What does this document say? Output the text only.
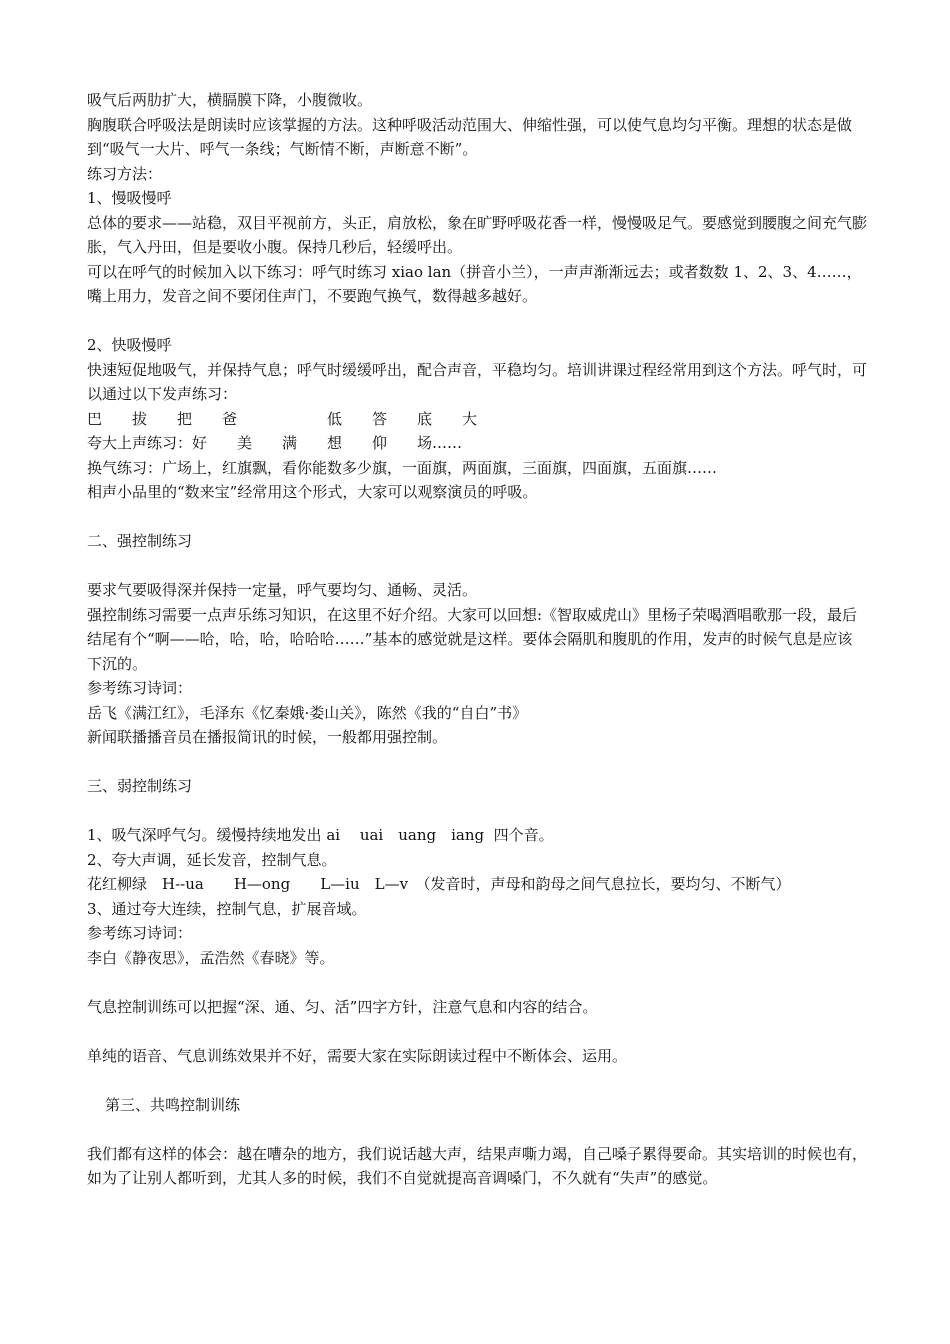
吸气后两肋扩大，横膈膜下降，小腹微收。

胸腹联合呼吸法是朗读时应该掌握的方法。这种呼吸活动范围大、伸缩性强，可以使气息均匀平衡。理想的状态是做到“吸气一大片、呼气一条线；气断情不断，声断意不断”。

练习方法：

1、慢吸慢呼

总体的要求——站稳，双目平视前方，头正，肩放松，象在旷野呼吸花香一样，慢慢吸足气。要感觉到腰腹之间充气膨胀，气入丹田，但是要收小腹。保持几秒后，轻缓呼出。

可以在呼气的时候加入以下练习：呼气时练习 xiao lan（拼音小兰），一声声渐渐远去；或者数数 1、2、3、4……，嘴上用力，发音之间不要闭住声门，不要跑气换气，数得越多越好。

2、快吸慢呼

快速短促地吸气，并保持气息；呼气时缓缓呼出，配合声音，平稳均匀。培训讲课过程经常用到这个方法。呼气时，可以通过以下发声练习：

巴　　拔　　把　　爸　　　　　　低　　答　　底　　大

夸大上声练习：好　　美　　满　　想　　仰　　场……

换气练习：广场上，红旗飘，看你能数多少旗，一面旗，两面旗，三面旗，四面旗，五面旗……

相声小品里的“数来宝”经常用这个形式，大家可以观察演员的呼吸。

二、强控制练习

要求气要吸得深并保持一定量，呼气要均匀、通畅、灵活。

强控制练习需要一点声乐练习知识，在这里不好介绍。大家可以回想:《智取威虎山》里杨子荣喝酒唱歌那一段，最后结尾有个“啊——哈，哈，哈，哈哈哈……”基本的感觉就是这样。要体会隔肌和腹肌的作用，发声的时候气息是应该下沉的。

参考练习诗词：

岳飞《满江红》，毛泽东《忆秦娥·娄山关》，陈然《我的“自白”书》

新闻联播播音员在播报简讯的时候，一般都用强控制。

三、弱控制练习

1、吸气深呼气匀。缓慢持续地发出 ai　 uai　uang　iang  四个音。

2、夸大声调，延长发音，控制气息。

花红柳绿　H--ua　　H—ong　　L—iu　L—v　（发音时，声母和韵母之间气息拉长，要均匀、不断气）

3、通过夸大连续，控制气息，扩展音域。

参考练习诗词：

李白《静夜思》，孟浩然《春晓》等。

气息控制训练可以把握“深、通、匀、活”四字方针，注意气息和内容的结合。

单纯的语音、气息训练效果并不好，需要大家在实际朗读过程中不断体会、运用。

第三、共鸣控制训练

我们都有这样的体会：越在嘈杂的地方，我们说话越大声，结果声嘶力竭，自己嗓子累得要命。其实培训的时候也有，如为了让别人都听到，尤其人多的时候，我们不自觉就提高音调嗓门，不久就有“失声”的感觉。
